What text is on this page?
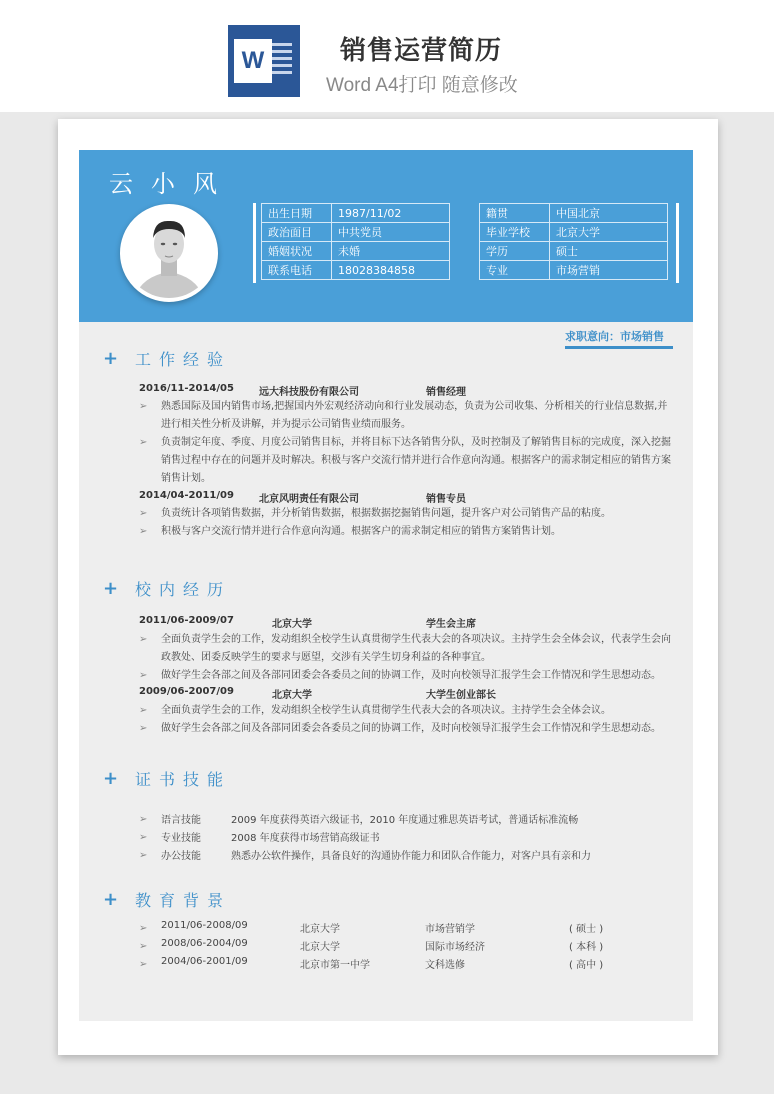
W	销售运营简历
Word A4打印 随意修改
云小风
出生日期	1987/11/02
政治面目	中共党员
婚姻状况	未婚
联系电话	18028384858
籍贯	中国北京
毕业学校	北京大学
学历	硕士
专业	市场营销
求职意向：市场销售
+ 工作经验
2016/11-2014/05	远大科技股份有限公司	销售经理
➢ 熟悉国际及国内销售市场,把握国内外宏观经济动向和行业发展动态，负责为公司收集、分析相关的行业信息数据,并进行相关性分析及讲解，并为提示公司销售业绩而服务。
➢ 负责制定年度、季度、月度公司销售目标，并将目标下达各销售分队，及时控制及了解销售目标的完成度，深入挖掘销售过程中存在的问题并及时解决。积极与客户交流行情并进行合作意向沟通。根据客户的需求制定相应的销售方案销售计划。
2014/04-2011/09	北京风明责任有限公司	销售专员
➢ 负责统计各项销售数据，并分析销售数据，根据数据挖掘销售问题，提升客户对公司销售产品的粘度。
➢ 积极与客户交流行情并进行合作意向沟通。根据客户的需求制定相应的销售方案销售计划。
+ 校内经历
2011/06-2009/07	北京大学	学生会主席
➢ 全面负责学生会的工作，发动组织全校学生认真贯彻学生代表大会的各项决议。主持学生会全体会议，代表学生会向政教处、团委反映学生的要求与愿望，交涉有关学生切身利益的各种事宜。
➢ 做好学生会各部之间及各部同团委会各委员之间的协调工作，及时向校领导汇报学生会工作情况和学生思想动态。
2009/06-2007/09	北京大学	大学生创业部长
➢ 全面负责学生会的工作，发动组织全校学生认真贯彻学生代表大会的各项决议。主持学生会全体会议。
➢ 做好学生会各部之间及各部同团委会各委员之间的协调工作，及时向校领导汇报学生会工作情况和学生思想动态。
+ 证书技能
➢ 语言技能	2009 年度获得英语六级证书，2010 年度通过雅思英语考试，普通话标准流畅
➢ 专业技能	2008 年度获得市场营销高级证书
➢ 办公技能	熟悉办公软件操作，具备良好的沟通协作能力和团队合作能力，对客户具有亲和力
+ 教育背景
➢ 2011/06-2008/09	北京大学	市场营销学	( 硕士 )
➢ 2008/06-2004/09	北京大学	国际市场经济	( 本科 )
➢ 2004/06-2001/09	北京市第一中学	文科选修	( 高中 )
